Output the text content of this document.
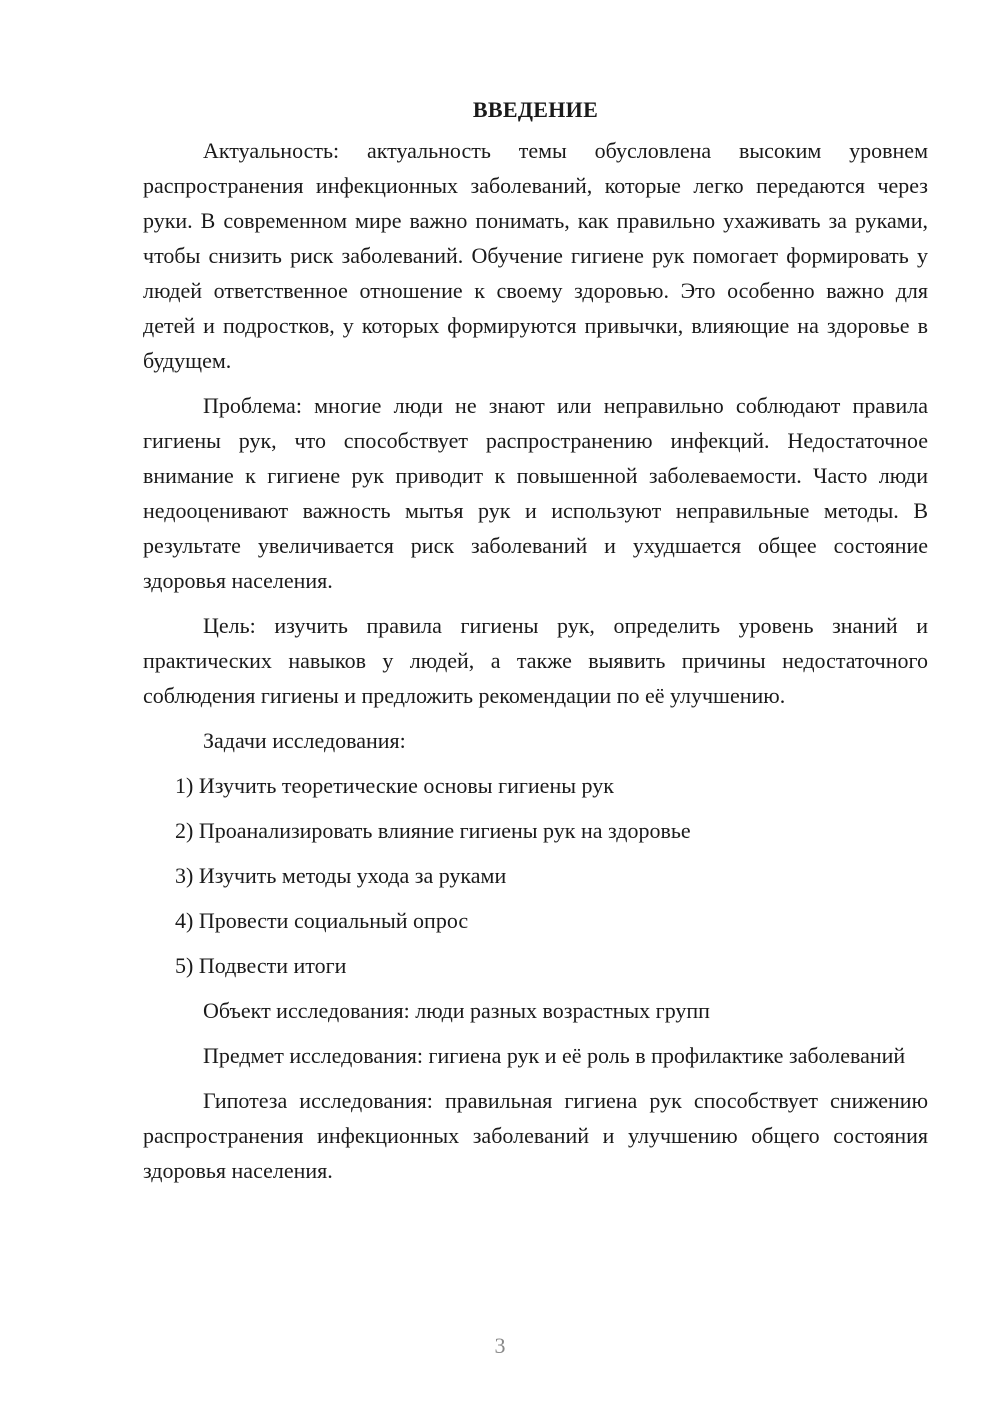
ВВЕДЕНИЕ

Актуальность: актуальность темы обусловлена высоким уровнем распространения инфекционных заболеваний, которые легко передаются через руки. В современном мире важно понимать, как правильно ухаживать за руками, чтобы снизить риск заболеваний. Обучение гигиене рук помогает формировать у людей ответственное отношение к своему здоровью. Это особенно важно для детей и подростков, у которых формируются привычки, влияющие на здоровье в будущем.

Проблема: многие люди не знают или неправильно соблюдают правила гигиены рук, что способствует распространению инфекций. Недостаточное внимание к гигиене рук приводит к повышенной заболеваемости. Часто люди недооценивают важность мытья рук и используют неправильные методы. В результате увеличивается риск заболеваний и ухудшается общее состояние здоровья населения.

Цель: изучить правила гигиены рук, определить уровень знаний и практических навыков у людей, а также выявить причины недостаточного соблюдения гигиены и предложить рекомендации по её улучшению.

Задачи исследования:

1) Изучить теоретические основы гигиены рук
2) Проанализировать влияние гигиены рук на здоровье
3) Изучить методы ухода за руками
4) Провести социальный опрос
5) Подвести итоги

Объект исследования: люди разных возрастных групп

Предмет исследования: гигиена рук и её роль в профилактике заболеваний

Гипотеза исследования: правильная гигиена рук способствует снижению распространения инфекционных заболеваний и улучшению общего состояния здоровья населения.

3
